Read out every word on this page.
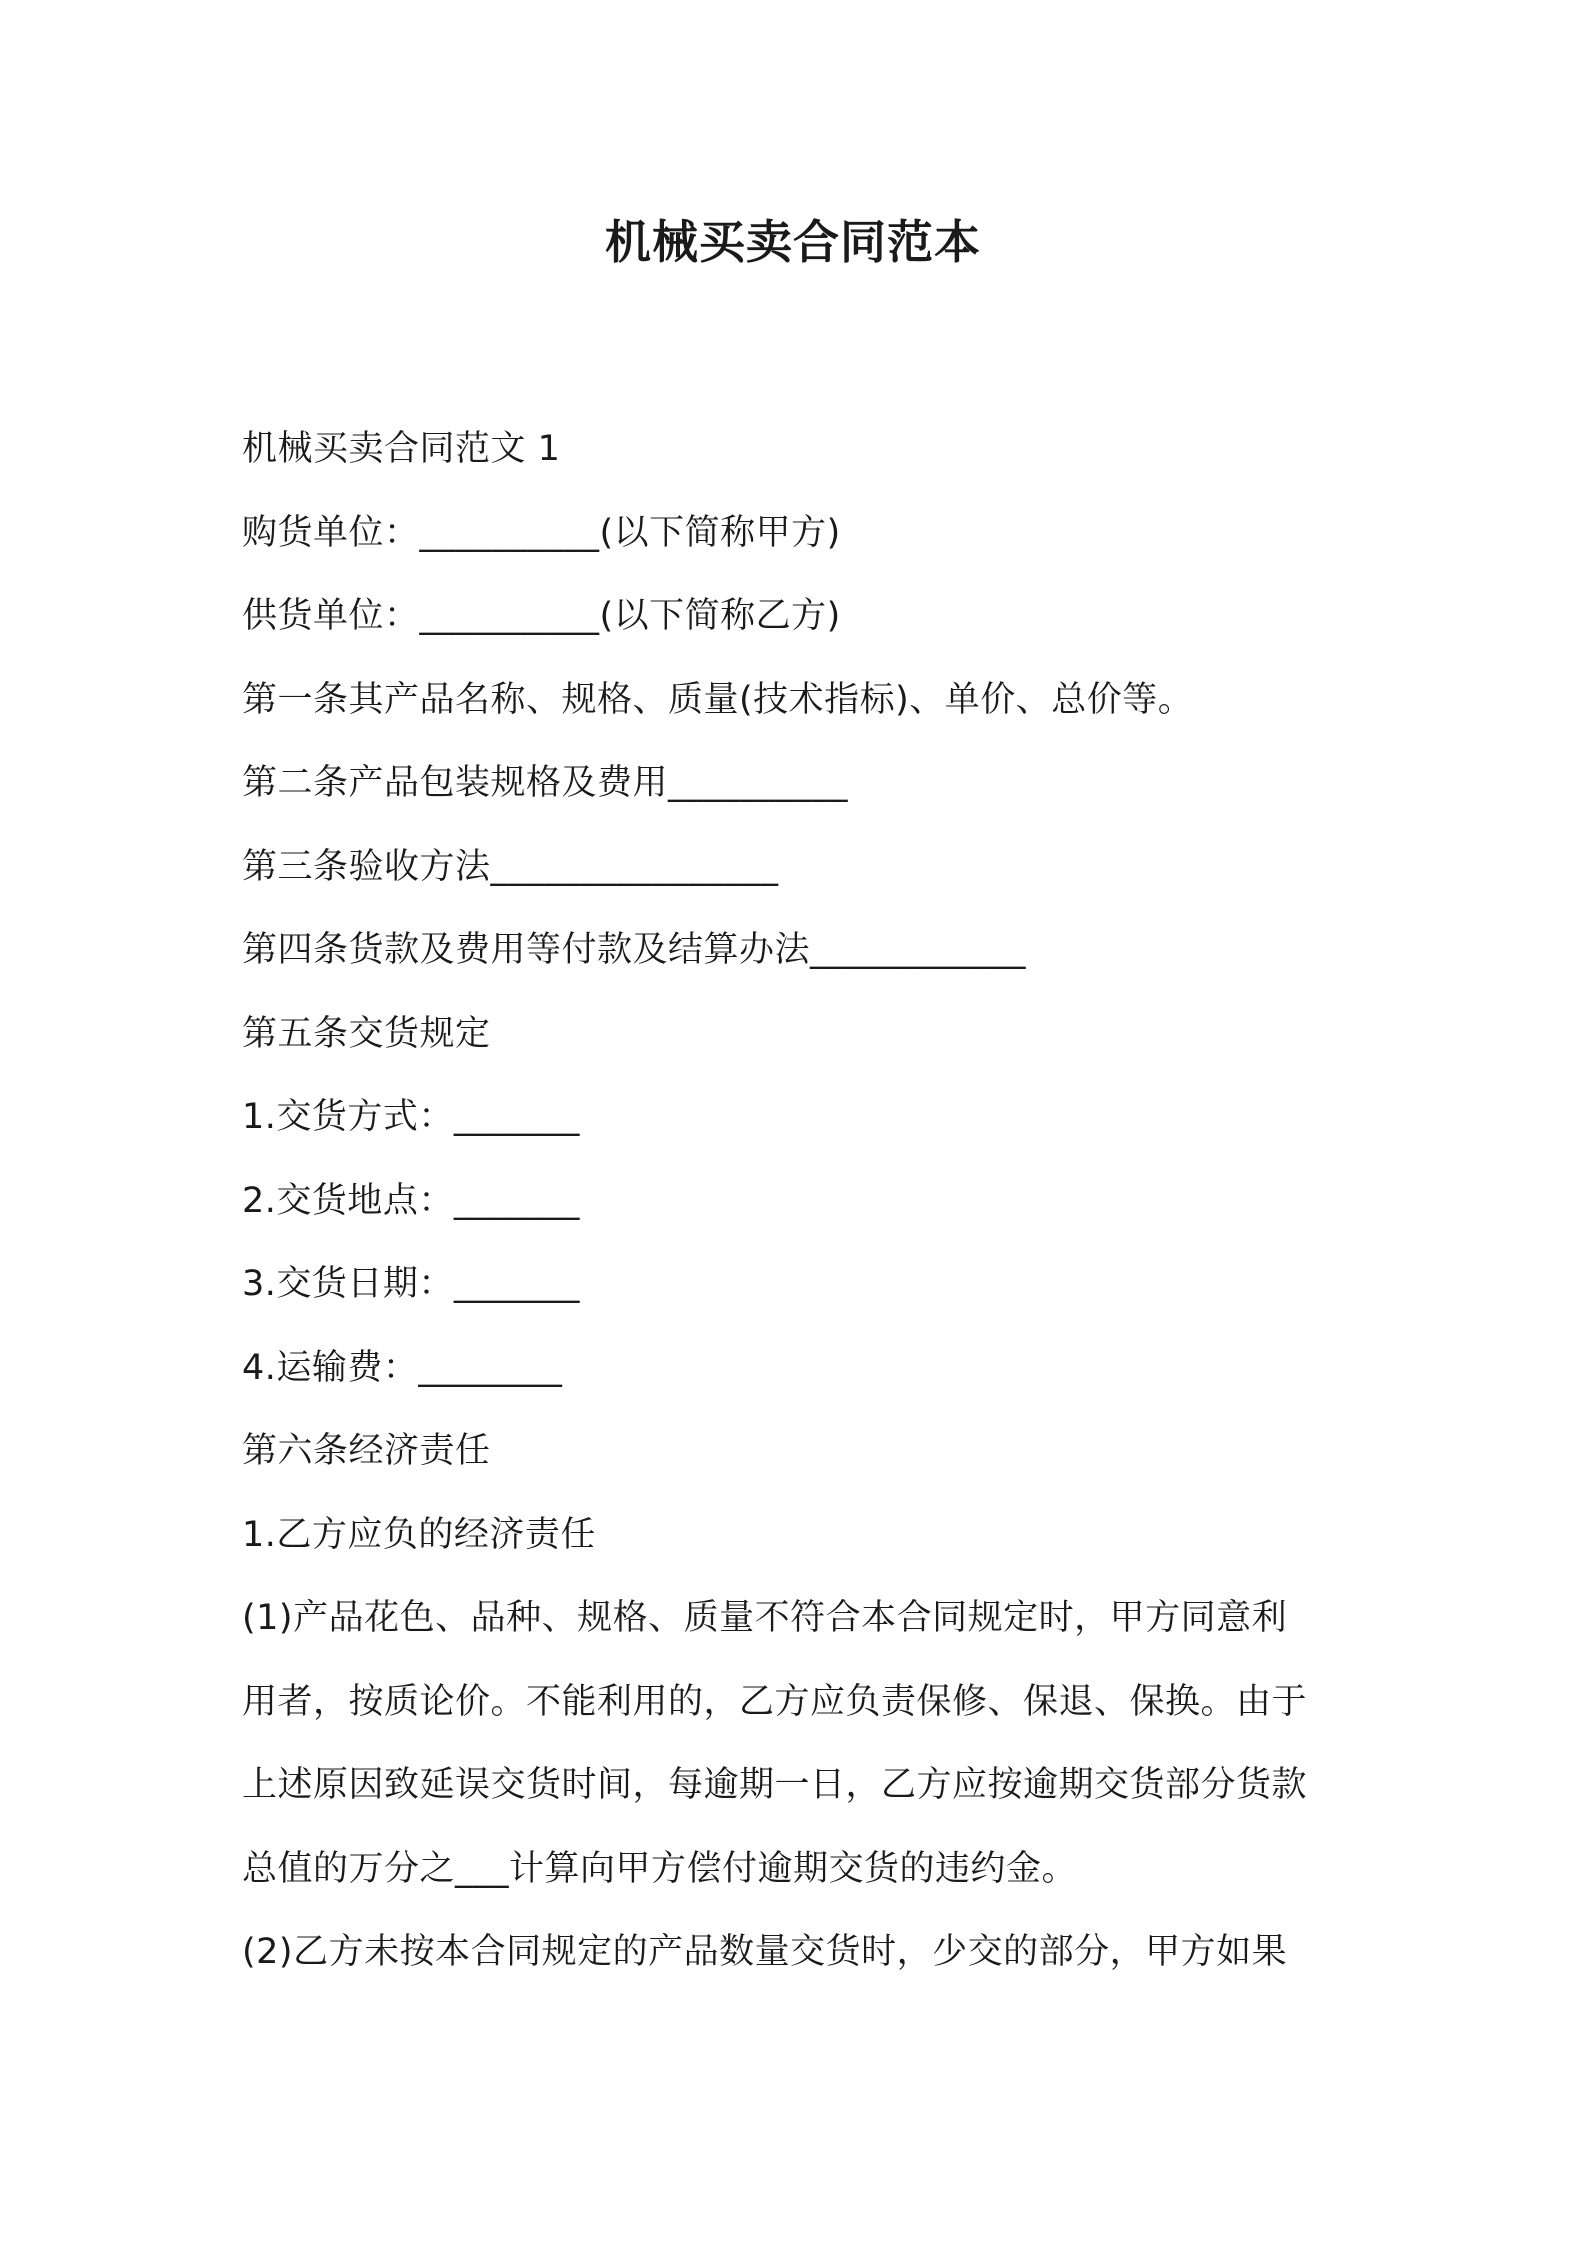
机械买卖合同范本
机械买卖合同范文 1
购货单位：__________(以下简称甲方)
供货单位：__________(以下简称乙方)
第一条其产品名称、规格、质量(技术指标)、单价、总价等。
第二条产品包装规格及费用__________
第三条验收方法________________
第四条货款及费用等付款及结算办法____________
第五条交货规定
1.交货方式：_______
2.交货地点：_______
3.交货日期：_______
4.运输费：________
第六条经济责任
1.乙方应负的经济责任
(1)产品花色、品种、规格、质量不符合本合同规定时，甲方同意利
用者，按质论价。不能利用的，乙方应负责保修、保退、保换。由于
上述原因致延误交货时间，每逾期一日，乙方应按逾期交货部分货款
总值的万分之___计算向甲方偿付逾期交货的违约金。
(2)乙方未按本合同规定的产品数量交货时，少交的部分，甲方如果
